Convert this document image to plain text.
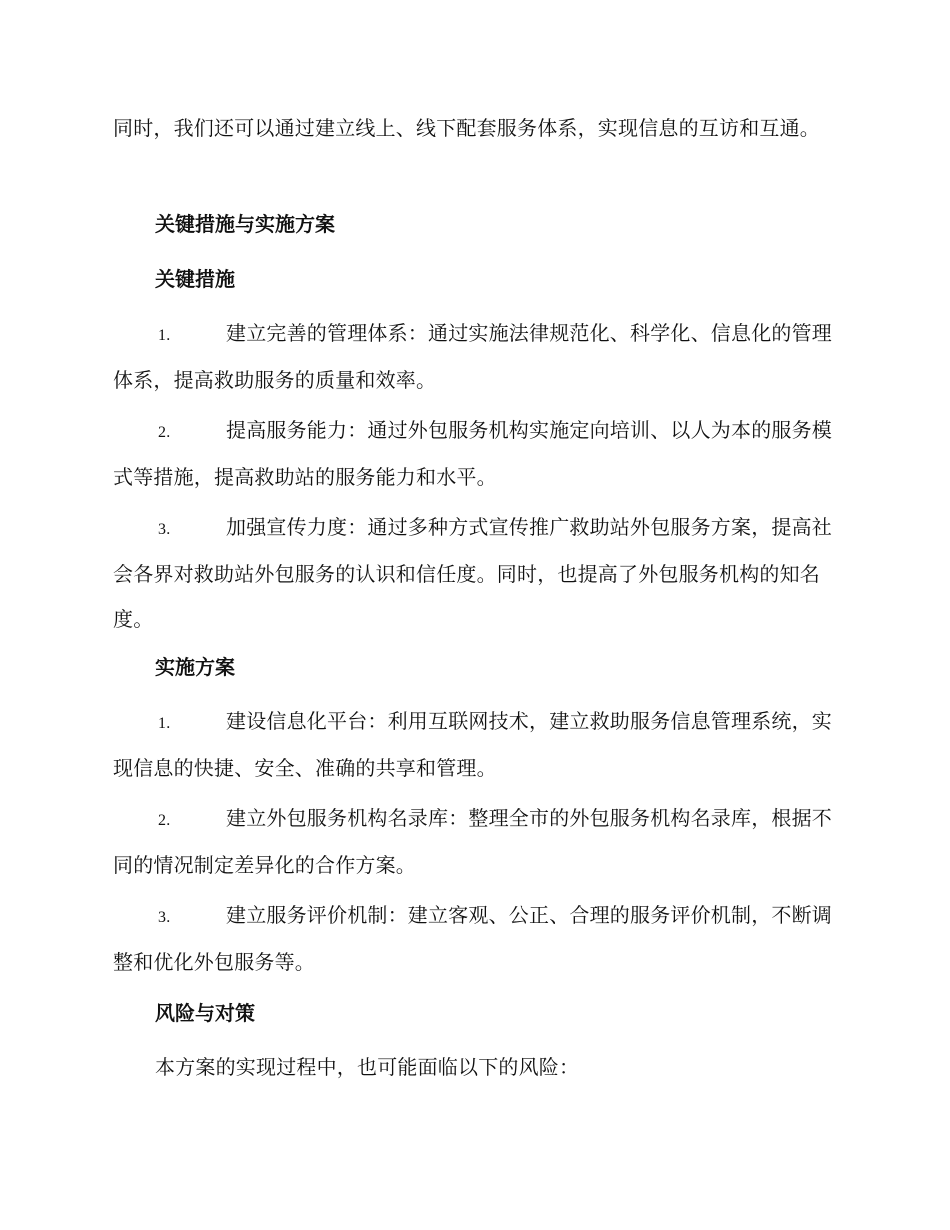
同时，我们还可以通过建立线上、线下配套服务体系，实现信息的互访和互通。

关键措施与实施方案
关键措施

1.	建立完善的管理体系：通过实施法律规范化、科学化、信息化的管理体系，提高救助服务的质量和效率。

2.	提高服务能力：通过外包服务机构实施定向培训、以人为本的服务模式等措施，提高救助站的服务能力和水平。

3.	加强宣传力度：通过多种方式宣传推广救助站外包服务方案，提高社会各界对救助站外包服务的认识和信任度。同时，也提高了外包服务机构的知名度。

实施方案

1.	建设信息化平台：利用互联网技术，建立救助服务信息管理系统，实现信息的快捷、安全、准确的共享和管理。

2.	建立外包服务机构名录库：整理全市的外包服务机构名录库，根据不同的情况制定差异化的合作方案。

3.	建立服务评价机制：建立客观、公正、合理的服务评价机制，不断调整和优化外包服务等。

风险与对策

本方案的实现过程中，也可能面临以下的风险：
